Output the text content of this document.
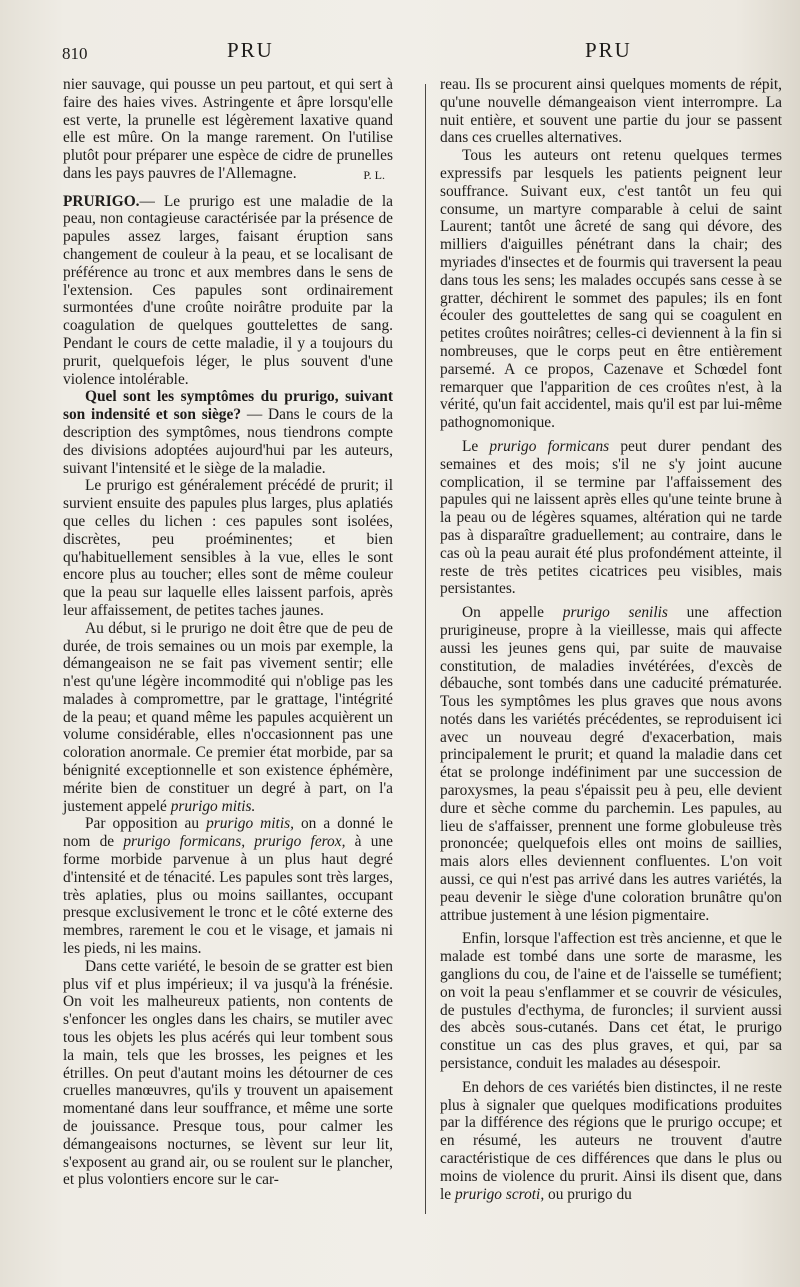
810	PRU	PRU

nier sauvage, qui pousse un peu partout, et qui sert à faire des haies vives. Astringente et âpre lorsqu'elle est verte, la prunelle est légèrement laxative quand elle est mûre. On la mange rarement. On l'utilise plutôt pour préparer une espèce de cidre de prunelles dans les pays pauvres de l'Allemagne.	P. L.

PRURIGO.— Le prurigo est une maladie de la peau, non contagieuse caractérisée par la présence de papules assez larges, faisant éruption sans changement de couleur à la peau, et se localisant de préférence au tronc et aux membres dans le sens de l'extension. Ces papules sont ordinairement surmontées d'une croûte noirâtre produite par la coagulation de quelques gouttelettes de sang. Pendant le cours de cette maladie, il y a toujours du prurit, quelquefois léger, le plus souvent d'une violence intolérable.

Quel sont les symptômes du prurigo, suivant son indensité et son siège? — Dans le cours de la description des symptômes, nous tiendrons compte des divisions adoptées aujourd'hui par les auteurs, suivant l'intensité et le siège de la maladie.

Le prurigo est généralement précédé de prurit; il survient ensuite des papules plus larges, plus aplatiés que celles du lichen : ces papules sont isolées, discrètes, peu proéminentes; et bien qu'habituellement sensibles à la vue, elles le sont encore plus au toucher; elles sont de même couleur que la peau sur laquelle elles laissent parfois, après leur affaissement, de petites taches jaunes.

Au début, si le prurigo ne doit être que de peu de durée, de trois semaines ou un mois par exemple, la démangeaison ne se fait pas vivement sentir; elle n'est qu'une légère incommodité qui n'oblige pas les malades à compromettre, par le grattage, l'intégrité de la peau; et quand même les papules acquièrent un volume considérable, elles n'occasionnent pas une coloration anormale. Ce premier état morbide, par sa bénignité exceptionnelle et son existence éphémère, mérite bien de constituer un degré à part, on l'a justement appelé prurigo mitis.

Par opposition au prurigo mitis, on a donné le nom de prurigo formicans, prurigo ferox, à une forme morbide parvenue à un plus haut degré d'intensité et de ténacité. Les papules sont très larges, très aplaties, plus ou moins saillantes, occupant presque exclusivement le tronc et le côté externe des membres, rarement le cou et le visage, et jamais ni les pieds, ni les mains.

Dans cette variété, le besoin de se gratter est bien plus vif et plus impérieux; il va jusqu'à la frénésie. On voit les malheureux patients, non contents de s'enfoncer les ongles dans les chairs, se mutiler avec tous les objets les plus acérés qui leur tombent sous la main, tels que les brosses, les peignes et les étrilles. On peut d'autant moins les détourner de ces cruelles manœuvres, qu'ils y trouvent un apaisement momentané dans leur souffrance, et même une sorte de jouissance. Presque tous, pour calmer les démangeaisons nocturnes, se lèvent sur leur lit, s'exposent au grand air, ou se roulent sur le plancher, et plus volontiers encore sur le car-

reau. Ils se procurent ainsi quelques moments de répit, qu'une nouvelle démangeaison vient interrompre. La nuit entière, et souvent une partie du jour se passent dans ces cruelles alternatives.

Tous les auteurs ont retenu quelques termes expressifs par lesquels les patients peignent leur souffrance. Suivant eux, c'est tantôt un feu qui consume, un martyre comparable à celui de saint Laurent; tantôt une âcreté de sang qui dévore, des milliers d'aiguilles pénétrant dans la chair; des myriades d'insectes et de fourmis qui traversent la peau dans tous les sens; les malades occupés sans cesse à se gratter, déchirent le sommet des papules; ils en font écouler des gouttelettes de sang qui se coagulent en petites croûtes noirâtres; celles-ci deviennent à la fin si nombreuses, que le corps peut en être entièrement parsemé. A ce propos, Cazenave et Schœdel font remarquer que l'apparition de ces croûtes n'est, à la vérité, qu'un fait accidentel, mais qu'il est par lui-même pathognomonique.

Le prurigo formicans peut durer pendant des semaines et des mois; s'il ne s'y joint aucune complication, il se termine par l'affaissement des papules qui ne laissent après elles qu'une teinte brune à la peau ou de légères squames, altération qui ne tarde pas à disparaître graduellement; au contraire, dans le cas où la peau aurait été plus profondément atteinte, il reste de très petites cicatrices peu visibles, mais persistantes.

On appelle prurigo senilis une affection prurigineuse, propre à la vieillesse, mais qui affecte aussi les jeunes gens qui, par suite de mauvaise constitution, de maladies invétérées, d'excès de débauche, sont tombés dans une caducité prématurée. Tous les symptômes les plus graves que nous avons notés dans les variétés précédentes, se reproduisent ici avec un nouveau degré d'exacerbation, mais principalement le prurit; et quand la maladie dans cet état se prolonge indéfiniment par une succession de paroxysmes, la peau s'épaissit peu à peu, elle devient dure et sèche comme du parchemin. Les papules, au lieu de s'affaisser, prennent une forme globuleuse très prononcée; quelquefois elles ont moins de saillies, mais alors elles deviennent confluentes. L'on voit aussi, ce qui n'est pas arrivé dans les autres variétés, la peau devenir le siège d'une coloration brunâtre qu'on attribue justement à une lésion pigmentaire.

Enfin, lorsque l'affection est très ancienne, et que le malade est tombé dans une sorte de marasme, les ganglions du cou, de l'aine et de l'aisselle se tuméfient; on voit la peau s'enflammer et se couvrir de vésicules, de pustules d'ecthyma, de furoncles; il survient aussi des abcès sous-cutanés. Dans cet état, le prurigo constitue un cas des plus graves, et qui, par sa persistance, conduit les malades au désespoir.

En dehors de ces variétés bien distinctes, il ne reste plus à signaler que quelques modifications produites par la différence des régions que le prurigo occupe; et en résumé, les auteurs ne trouvent d'autre caractéristique de ces différences que dans le plus ou moins de violence du prurit. Ainsi ils disent que, dans le prurigo scroti, ou prurigo du
